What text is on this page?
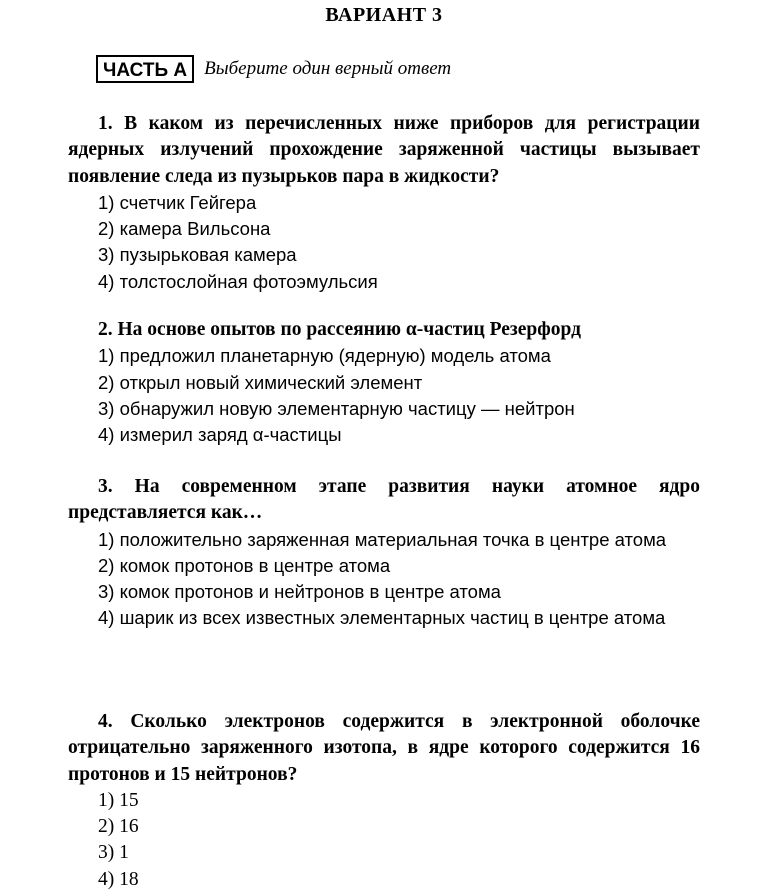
ВАРИАНТ 3
ЧАСТЬ А Выберите один верный ответ
1. В каком из перечисленных ниже приборов для регистрации ядерных излучений прохождение заряженной частицы вызывает появление следа из пузырьков пара в жидкости?
1) счетчик Гейгера
2) камера Вильсона
3) пузырьковая камера
4) толстослойная фотоэмульсия
2. На основе опытов по рассеянию α-частиц Резерфорд
1) предложил планетарную (ядерную) модель атома
2) открыл новый химический элемент
3) обнаружил новую элементарную частицу — нейтрон
4) измерил заряд α-частицы
3. На современном этапе развития науки атомное ядро представляется как…
1) положительно заряженная материальная точка в центре атома
2) комок протонов в центре атома
3) комок протонов и нейтронов в центре атома
4) шарик из всех известных элементарных частиц в центре атома
4. Сколько электронов содержится в электронной оболочке отрицательно заряженного изотопа, в ядре которого содержится 16 протонов и 15 нейтронов?
1) 15
2) 16
3) 1
4) 18
